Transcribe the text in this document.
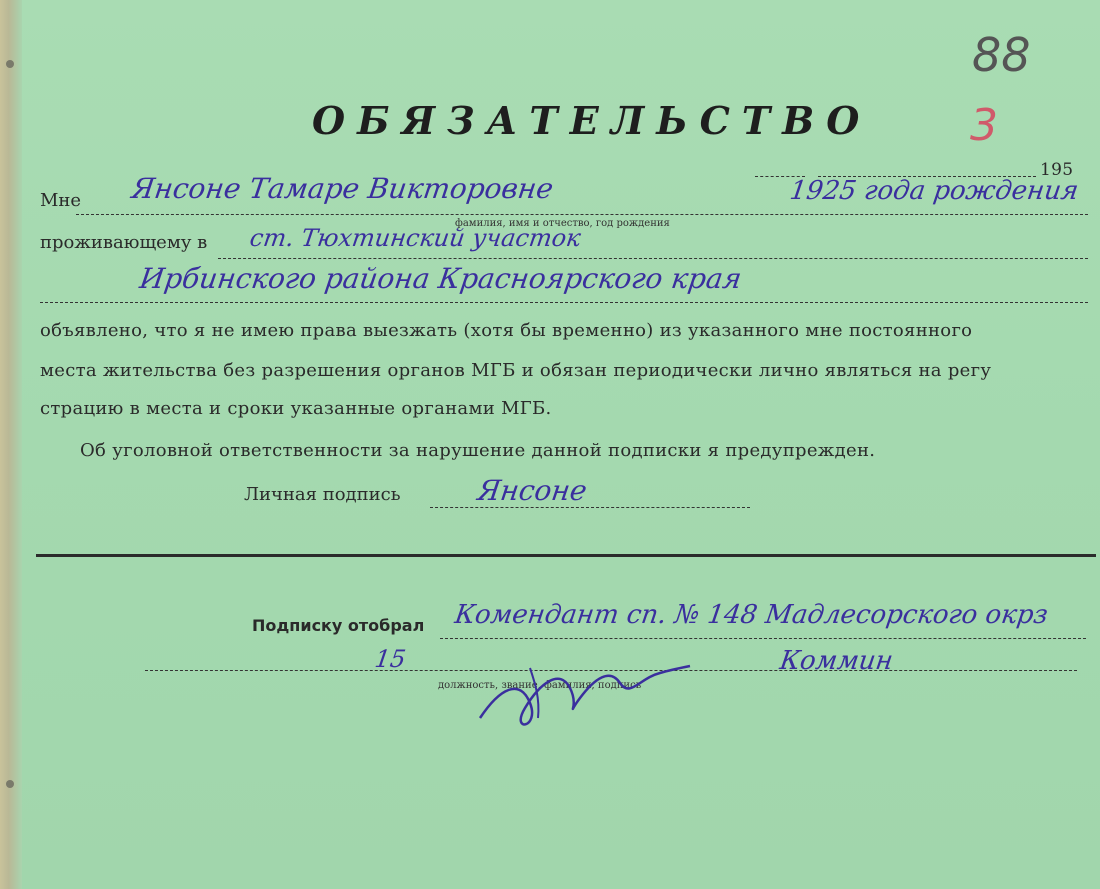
88
3
ОБЯЗАТЕЛЬСТВО
195
Мне Янсоне Тамаре Викторовне	1925 года рождения
фамилия, имя и отчество, год рождения
проживающему в ст. Тюхтинский участок
Ирбинского района Красноярского края
объявлено, что я не имею права выезжать (хотя бы временно) из указанного мне постоянного
места жительства без разрешения органов МГБ и обязан периодически лично являться на регу
страцию в места и сроки указанные органами МГБ.
Об уголовной ответственности за нарушение данной подписки я предупрежден.
Личная подпись	Янсоне
Подписку отобрал Комендант сп. № 148 Мадлесорского окрз
15	Коммин
должность, звание, фамилия, подпись
